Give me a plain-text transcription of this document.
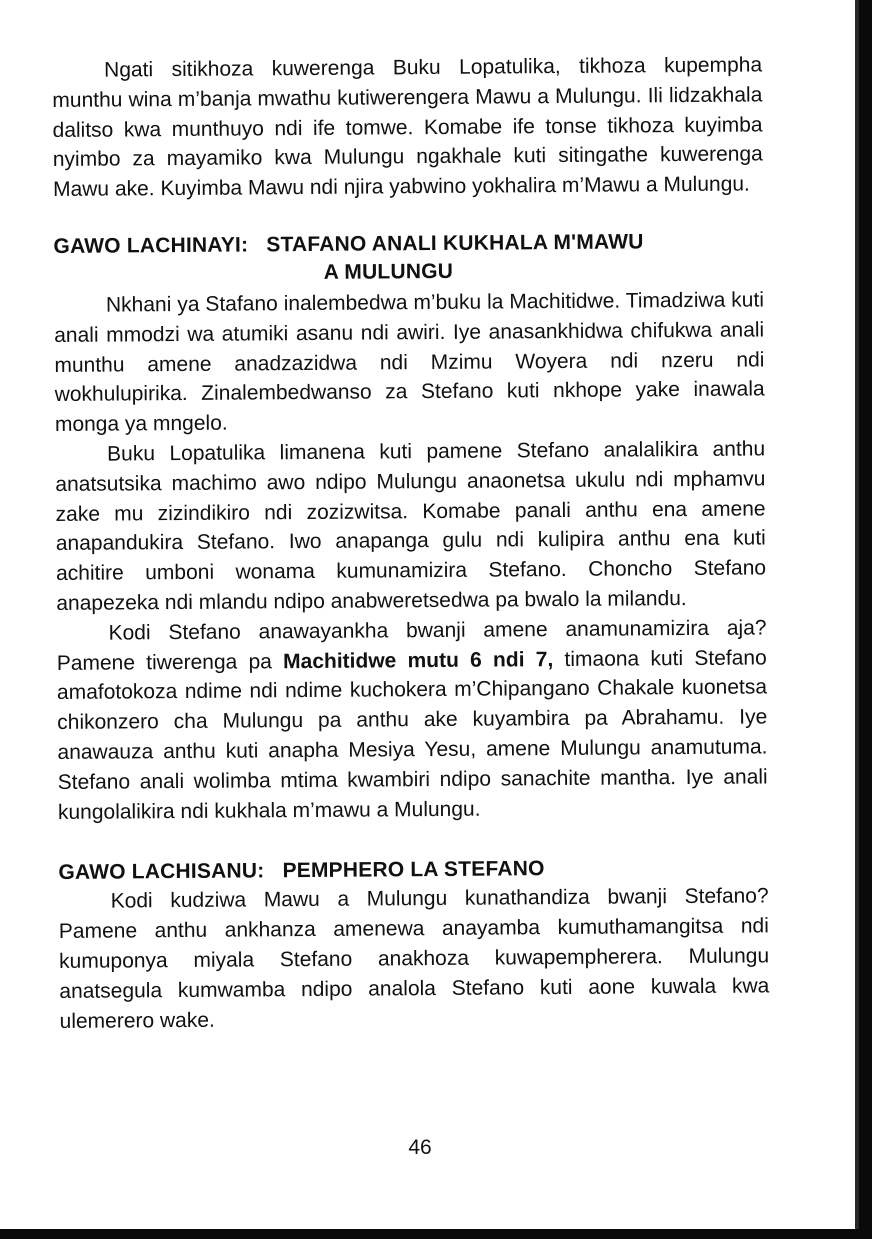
Ngati sitikhoza kuwerenga Buku Lopatulika, tikhoza kupempha munthu wina m’banja mwathu kutiwerengera Mawu a Mulungu. Ili lidzakhala dalitso kwa munthuyo ndi ife tomwe. Komabe ife tonse tikhoza kuyimba nyimbo za mayamiko kwa Mulungu ngakhale kuti sitingathe kuwerenga Mawu ake. Kuyimba Mawu ndi njira yabwino yokhalira m’Mawu a Mulungu.

GAWO LACHINAYI: STAFANO ANALI KUKHALA M'MAWU
A MULUNGU

Nkhani ya Stafano inalembedwa m’buku la Machitidwe. Timadziwa kuti anali mmodzi wa atumiki asanu ndi awiri. Iye anasankhidwa chifukwa anali munthu amene anadzazidwa ndi Mzimu Woyera ndi nzeru ndi wokhulupirika. Zinalembedwanso za Stefano kuti nkhope yake inawala monga ya mngelo.

Buku Lopatulika limanena kuti pamene Stefano analalikira anthu anatsutsika machimo awo ndipo Mulungu anaonetsa ukulu ndi mphamvu zake mu zizindikiro ndi zozizwitsa. Komabe panali anthu ena amene anapandukira Stefano. Iwo anapanga gulu ndi kulipira anthu ena kuti achitire umboni wonama kumunamizira Stefano. Choncho Stefano anapezeka ndi mlandu ndipo anabweretsedwa pa bwalo la milandu.

Kodi Stefano anawayankha bwanji amene anamunamizira aja? Pamene tiwerenga pa Machitidwe mutu 6 ndi 7, timaona kuti Stefano amafotokoza ndime ndi ndime kuchokera m’Chipangano Chakale kuonetsa chikonzero cha Mulungu pa anthu ake kuyambira pa Abrahamu. Iye anawauza anthu kuti anapha Mesiya Yesu, amene Mulungu anamutuma. Stefano anali wolimba mtima kwambiri ndipo sanachite mantha. Iye anali kungolalikira ndi kukhala m’mawu a Mulungu.

GAWO LACHISANU: PEMPHERO LA STEFANO

Kodi kudziwa Mawu a Mulungu kunathandiza bwanji Stefano? Pamene anthu ankhanza amenewa anayamba kumuthamangitsa ndi kumuponya miyala Stefano anakhoza kuwapempherera. Mulungu anatsegula kumwamba ndipo analola Stefano kuti aone kuwala kwa ulemerero wake.

46
